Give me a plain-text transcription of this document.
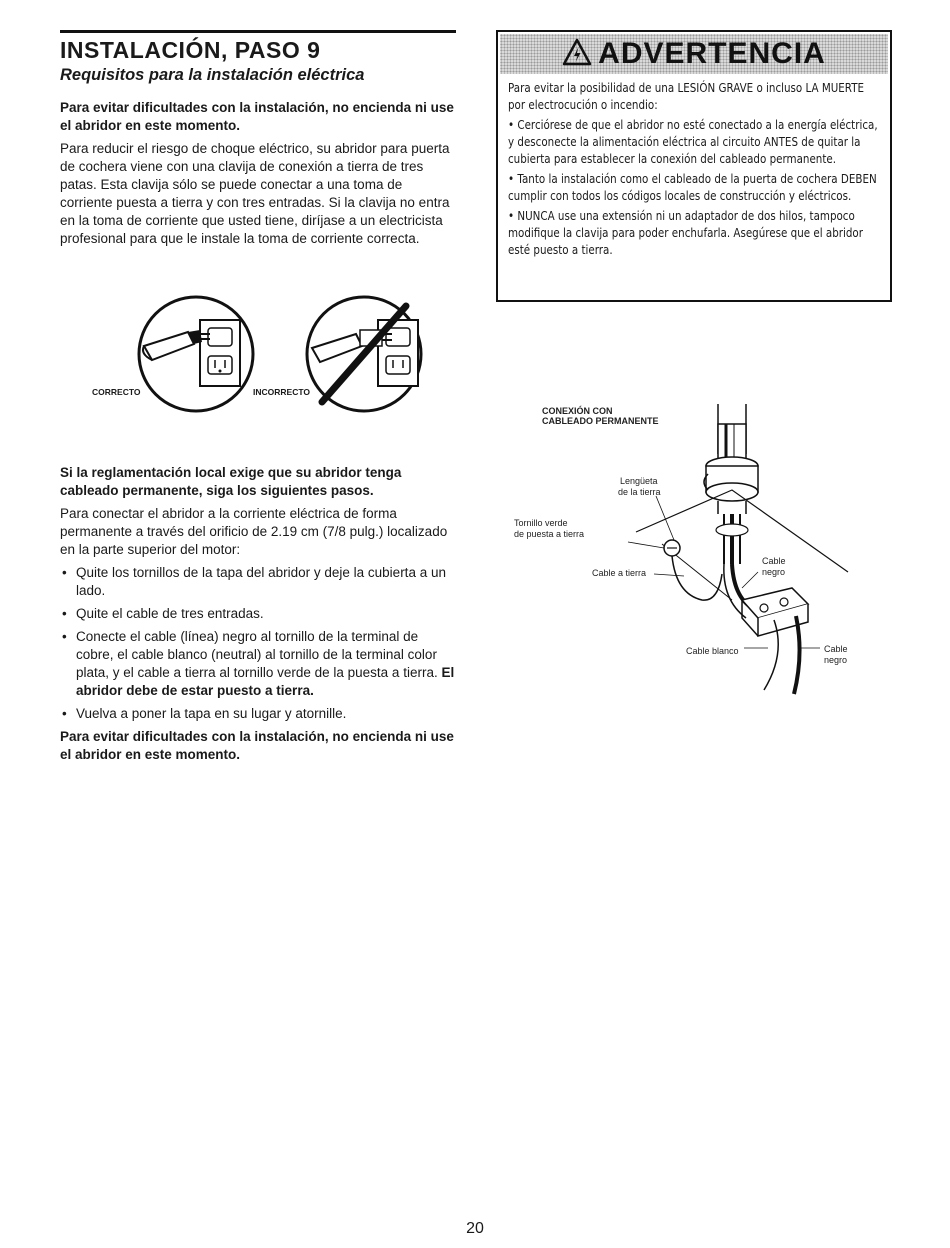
INSTALACIÓN, PASO 9
Requisitos para la instalación eléctrica

Para evitar dificultades con la instalación, no encienda ni use el abridor en este momento.

Para reducir el riesgo de choque eléctrico, su abridor para puerta de cochera viene con una clavija de conexión a tierra de tres patas. Esta clavija sólo se puede conectar a una toma de corriente puesta a tierra y con tres entradas. Si la clavija no entra en la toma de corriente que usted tiene, diríjase a un electricista profesional para que le instale la toma de corriente correcta.

CORRECTO	INCORRECTO

Si la reglamentación local exige que su abridor tenga cableado permanente, siga los siguientes pasos.

Para conectar el abridor a la corriente eléctrica de forma permanente a través del orificio de 2.19 cm (7/8 pulg.) localizado en la parte superior del motor:

• Quite los tornillos de la tapa del abridor y deje la cubierta a un lado.
• Quite el cable de tres entradas.
• Conecte el cable (línea) negro al tornillo de la terminal de cobre, el cable blanco (neutral) al tornillo de la terminal color plata, y el cable a tierra al tornillo verde de la puesta a tierra. El abridor debe de estar puesto a tierra.
• Vuelva a poner la tapa en su lugar y atornille.

Para evitar dificultades con la instalación, no encienda ni use el abridor en este momento.

ADVERTENCIA

Para evitar la posibilidad de una LESIÓN GRAVE o incluso LA MUERTE por electrocución o incendio:

• Cerciórese de que el abridor no esté conectado a la energía eléctrica, y desconecte la alimentación eléctrica al circuito ANTES de quitar la cubierta para establecer la conexión del cableado permanente.
• Tanto la instalación como el cableado de la puerta de cochera DEBEN cumplir con todos los códigos locales de construcción y eléctricos.
• NUNCA use una extensión ni un adaptador de dos hilos, tampoco modifique la clavija para poder enchufarla. Asegúrese que el abridor esté puesto a tierra.
CONEXIÓN CON
CABLEADO PERMANENTE
Lengüeta
de la tierra
Tornillo verde
de puesta a tierra
Cable a tierra
Cable
negro
Cable blanco	Cable
negro
20
